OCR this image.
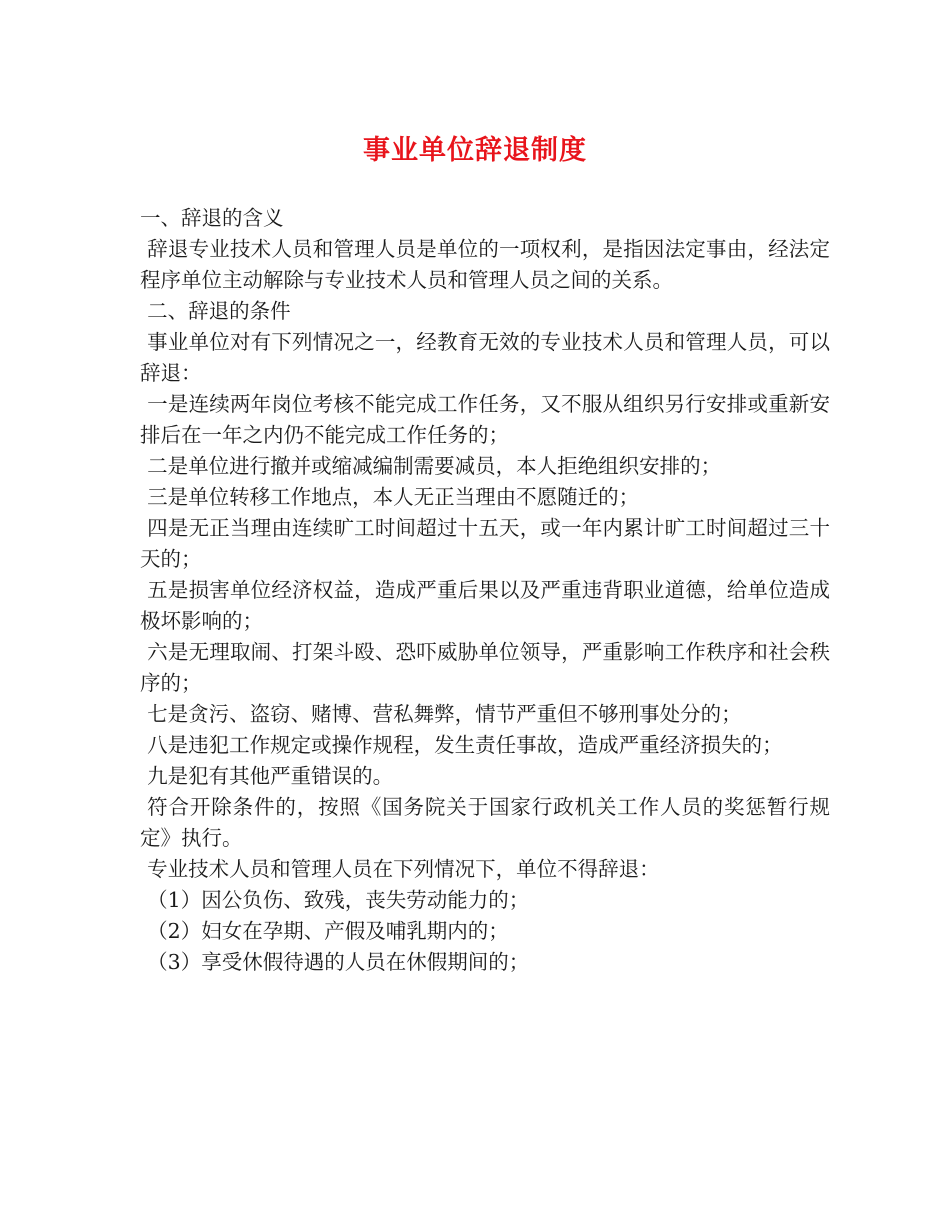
事业单位辞退制度

一、辞退的含义

辞退专业技术人员和管理人员是单位的一项权利，是指因法定事由，经法定程序单位主动解除与专业技术人员和管理人员之间的关系。

二、辞退的条件

事业单位对有下列情况之一，经教育无效的专业技术人员和管理人员，可以辞退：

一是连续两年岗位考核不能完成工作任务，又不服从组织另行安排或重新安排后在一年之内仍不能完成工作任务的；

二是单位进行撤并或缩减编制需要减员，本人拒绝组织安排的；

三是单位转移工作地点，本人无正当理由不愿随迁的；

四是无正当理由连续旷工时间超过十五天，或一年内累计旷工时间超过三十天的；

五是损害单位经济权益，造成严重后果以及严重违背职业道德，给单位造成极坏影响的；

六是无理取闹、打架斗殴、恐吓威胁单位领导，严重影响工作秩序和社会秩序的；

七是贪污、盗窃、赌博、营私舞弊，情节严重但不够刑事处分的；

八是违犯工作规定或操作规程，发生责任事故，造成严重经济损失的；

九是犯有其他严重错误的。

符合开除条件的，按照《国务院关于国家行政机关工作人员的奖惩暂行规定》执行。

专业技术人员和管理人员在下列情况下，单位不得辞退：

（1）因公负伤、致残，丧失劳动能力的；

（2）妇女在孕期、产假及哺乳期内的；

（3）享受休假待遇的人员在休假期间的；
